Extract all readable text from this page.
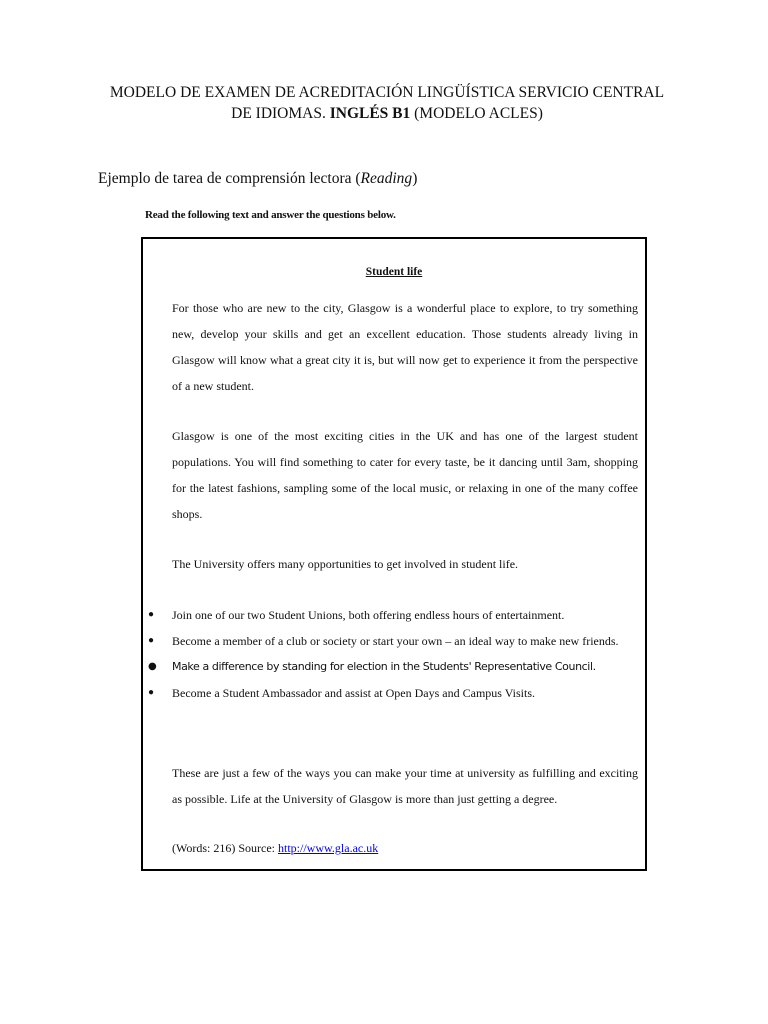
MODELO DE EXAMEN DE ACREDITACIÓN LINGÜÍSTICA SERVICIO CENTRAL
DE IDIOMAS. INGLÉS B1 (MODELO ACLES)
Ejemplo de tarea de comprensión lectora (Reading)
Read the following text and answer the questions below.
Student life
For those who are new to the city, Glasgow is a wonderful place to explore, to try something new, develop your skills and get an excellent education. Those students already living in Glasgow will know what a great city it is, but will now get to experience it from the perspective of a new student.
Glasgow is one of the most exciting cities in the UK and has one of the largest student populations. You will find something to cater for every taste, be it dancing until 3am, shopping for the latest fashions, sampling some of the local music, or relaxing in one of the many coffee shops.
The University offers many opportunities to get involved in student life.
● Join one of our two Student Unions, both offering endless hours of entertainment.
● Become a member of a club or society or start your own – an ideal way to make new friends.
● Make a difference by standing for election in the Students' Representative Council.
● Become a Student Ambassador and assist at Open Days and Campus Visits.
These are just a few of the ways you can make your time at university as fulfilling and exciting as possible. Life at the University of Glasgow is more than just getting a degree.
(Words: 216) Source: http://www.gla.ac.uk
